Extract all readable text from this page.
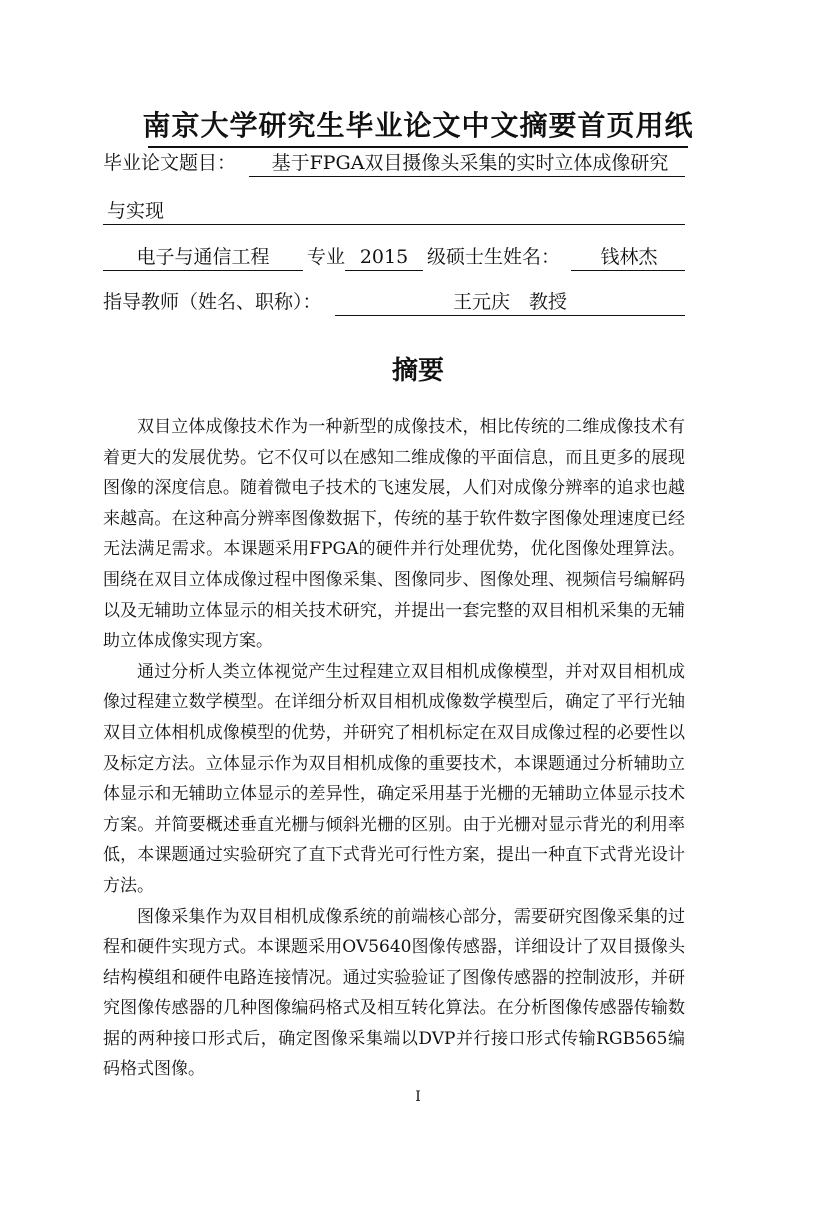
南京大学研究生毕业论文中文摘要首页用纸
毕业论文题目：	基于FPGA双目摄像头采集的实时立体成像研究
与实现
电子与通信工程	专业 2015 级硕士生姓名：	钱林杰
指导教师（姓名、职称）：	王元庆　教授
摘要

双目立体成像技术作为一种新型的成像技术，相比传统的二维成像技术有着更大的发展优势。它不仅可以在感知二维成像的平面信息，而且更多的展现图像的深度信息。随着微电子技术的飞速发展，人们对成像分辨率的追求也越来越高。在这种高分辨率图像数据下，传统的基于软件数字图像处理速度已经无法满足需求。本课题采用FPGA的硬件并行处理优势，优化图像处理算法。围绕在双目立体成像过程中图像采集、图像同步、图像处理、视频信号编解码以及无辅助立体显示的相关技术研究，并提出一套完整的双目相机采集的无辅助立体成像实现方案。

通过分析人类立体视觉产生过程建立双目相机成像模型，并对双目相机成像过程建立数学模型。在详细分析双目相机成像数学模型后，确定了平行光轴双目立体相机成像模型的优势，并研究了相机标定在双目成像过程的必要性以及标定方法。立体显示作为双目相机成像的重要技术，本课题通过分析辅助立体显示和无辅助立体显示的差异性，确定采用基于光栅的无辅助立体显示技术方案。并简要概述垂直光栅与倾斜光栅的区别。由于光栅对显示背光的利用率低，本课题通过实验研究了直下式背光可行性方案，提出一种直下式背光设计方法。

图像采集作为双目相机成像系统的前端核心部分，需要研究图像采集的过程和硬件实现方式。本课题采用OV5640图像传感器，详细设计了双目摄像头结构模组和硬件电路连接情况。通过实验验证了图像传感器的控制波形，并研究图像传感器的几种图像编码格式及相互转化算法。在分析图像传感器传输数据的两种接口形式后，确定图像采集端以DVP并行接口形式传输RGB565编码格式图像。

I
